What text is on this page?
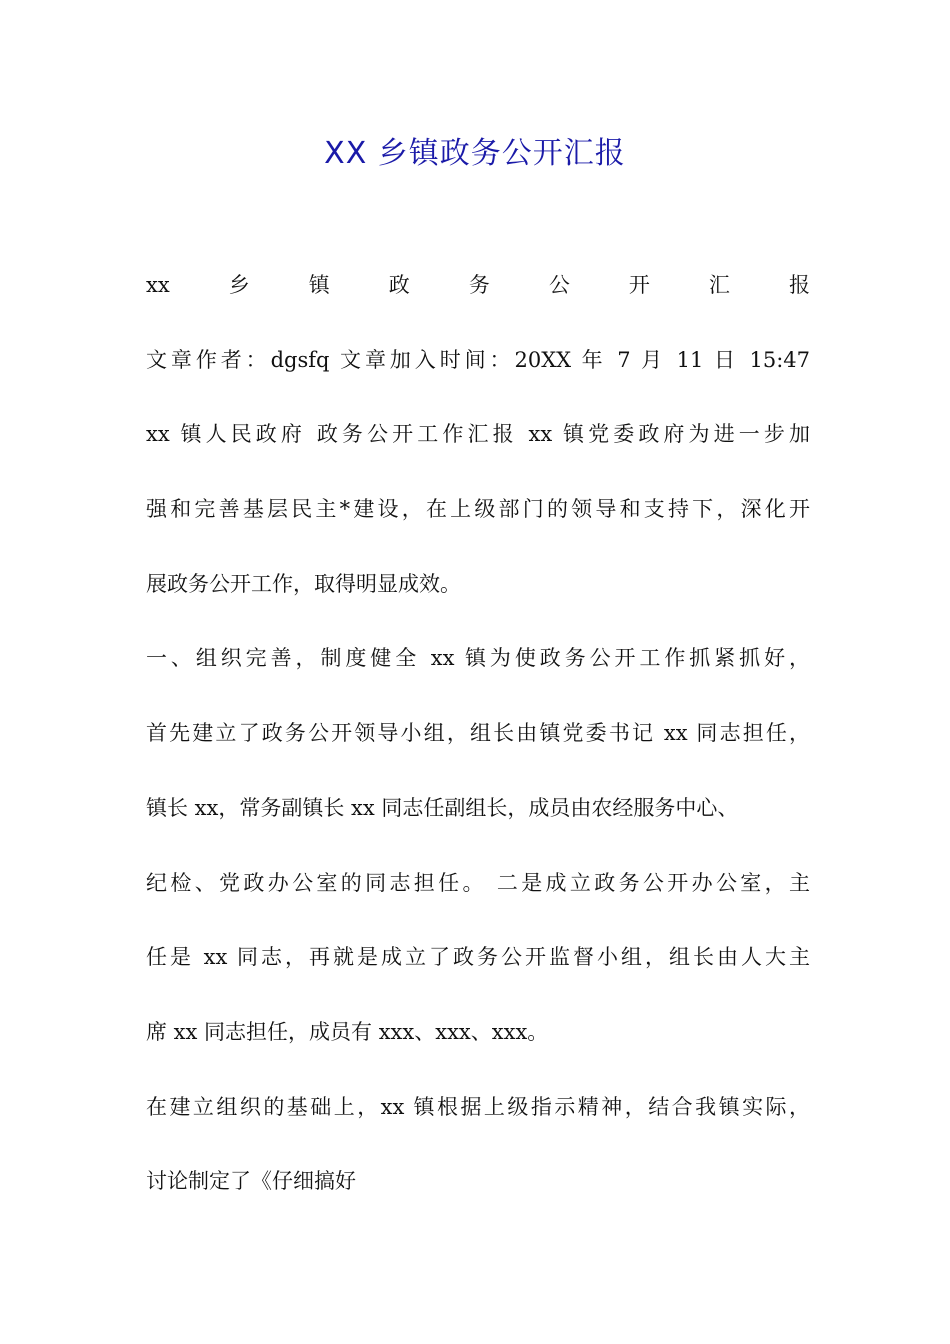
XX 乡镇政务公开汇报
xx	乡	镇	政	务	公	开	汇	报
文章作者：dgsfq 文章加入时间：20XX 年 7 月 11 日 15:47
xx 镇人民政府 政务公开工作汇报 xx 镇党委政府为进一步加
强和完善基层民主*建设，在上级部门的领导和支持下，深化开
展政务公开工作，取得明显成效。
一、组织完善，制度健全 xx 镇为使政务公开工作抓紧抓好，
首先建立了政务公开领导小组，组长由镇党委书记 xx 同志担任，
镇长 xx，常务副镇长 xx 同志任副组长，成员由农经服务中心、
纪检、党政办公室的同志担任。 二是成立政务公开办公室，主
任是 xx 同志，再就是成立了政务公开监督小组，组长由人大主
席 xx 同志担任，成员有 xxx、xxx、xxx。
在建立组织的基础上，xx 镇根据上级指示精神，结合我镇实际，
讨论制定了《仔细搞好
